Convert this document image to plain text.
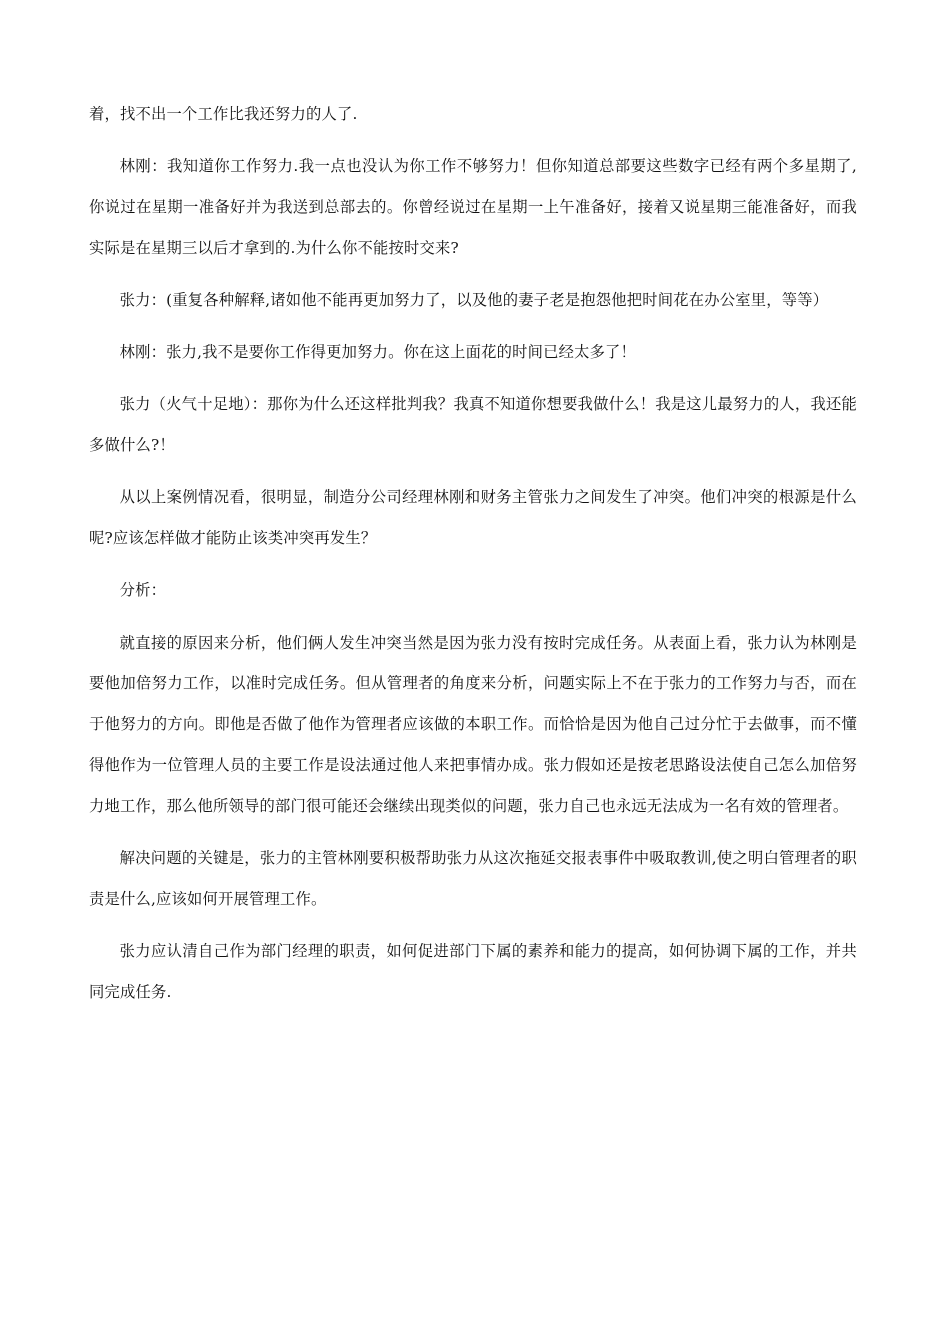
着，找不出一个工作比我还努力的人了.

林刚：我知道你工作努力.我一点也没认为你工作不够努力！但你知道总部要这些数字已经有两个多星期了,你说过在星期一准备好并为我送到总部去的。你曾经说过在星期一上午准备好，接着又说星期三能准备好，而我实际是在星期三以后才拿到的.为什么你不能按时交来?

张力：(重复各种解释,诸如他不能再更加努力了，以及他的妻子老是抱怨他把时间花在办公室里，等等）

林刚：张力,我不是要你工作得更加努力。你在这上面花的时间已经太多了！

张力（火气十足地）：那你为什么还这样批判我？我真不知道你想要我做什么！我是这儿最努力的人，我还能多做什么?！

从以上案例情况看，很明显，制造分公司经理林刚和财务主管张力之间发生了冲突。他们冲突的根源是什么呢?应该怎样做才能防止该类冲突再发生？

分析：

就直接的原因来分析，他们俩人发生冲突当然是因为张力没有按时完成任务。从表面上看，张力认为林刚是要他加倍努力工作，以准时完成任务。但从管理者的角度来分析，问题实际上不在于张力的工作努力与否，而在于他努力的方向。即他是否做了他作为管理者应该做的本职工作。而恰恰是因为他自己过分忙于去做事，而不懂得他作为一位管理人员的主要工作是设法通过他人来把事情办成。张力假如还是按老思路设法使自己怎么加倍努力地工作，那么他所领导的部门很可能还会继续出现类似的问题，张力自己也永远无法成为一名有效的管理者。

解决问题的关键是，张力的主管林刚要积极帮助张力从这次拖延交报表事件中吸取教训,使之明白管理者的职责是什么,应该如何开展管理工作。

张力应认清自己作为部门经理的职责，如何促进部门下属的素养和能力的提高，如何协调下属的工作，并共同完成任务.
